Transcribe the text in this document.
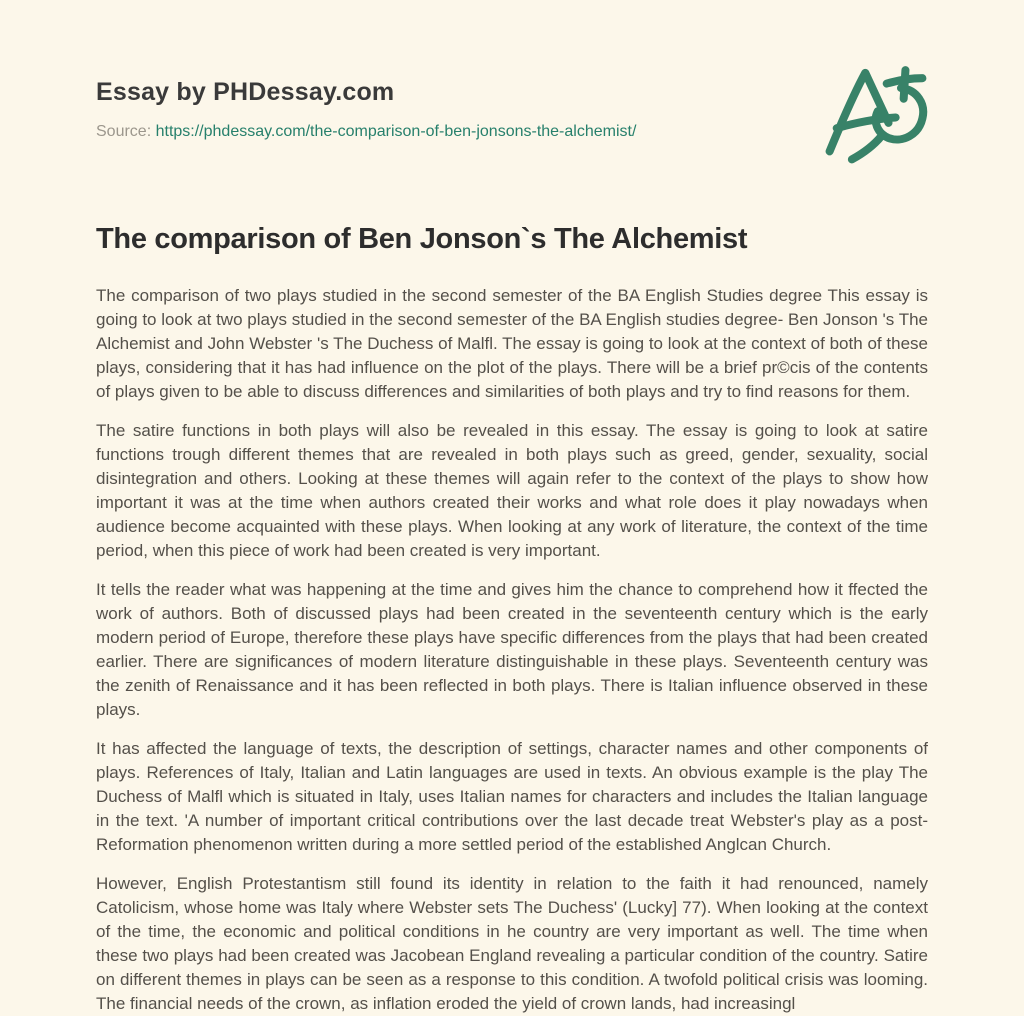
Essay by PHDessay.com
Source: https://phdessay.com/the-comparison-of-ben-jonsons-the-alchemist/
The comparison of Ben Jonson`s The Alchemist

The comparison of two plays studied in the second semester of the BA English Studies degree This essay is going to look at two plays studied in the second semester of the BA English studies degree- Ben Jonson 's The Alchemist and John Webster 's The Duchess of Malfl. The essay is going to look at the context of both of these plays, considering that it has had influence on the plot of the plays. There will be a brief pr©cis of the contents of plays given to be able to discuss differences and similarities of both plays and try to find reasons for them.

The satire functions in both plays will also be revealed in this essay. The essay is going to look at satire functions trough different themes that are revealed in both plays such as greed, gender, sexuality, social disintegration and others. Looking at these themes will again refer to the context of the plays to show how important it was at the time when authors created their works and what role does it play nowadays when audience become acquainted with these plays. When looking at any work of literature, the context of the time period, when this piece of work had been created is very important.

It tells the reader what was happening at the time and gives him the chance to comprehend how it ffected the work of authors. Both of discussed plays had been created in the seventeenth century which is the early modern period of Europe, therefore these plays have specific differences from the plays that had been created earlier. There are significances of modern literature distinguishable in these plays. Seventeenth century was the zenith of Renaissance and it has been reflected in both plays. There is Italian influence observed in these plays.

It has affected the language of texts, the description of settings, character names and other components of plays. References of Italy, Italian and Latin languages are used in texts. An obvious example is the play The Duchess of Malfl which is situated in Italy, uses Italian names for characters and includes the Italian language in the text. 'A number of important critical contributions over the last decade treat Webster's play as a post-Reformation phenomenon written during a more settled period of the established Anglcan Church.

However, English Protestantism still found its identity in relation to the faith it had renounced, namely Catolicism, whose home was Italy where Webster sets The Duchess' (Lucky] 77). When looking at the context of the time, the economic and political conditions in he country are very important as well. The time when these two plays had been created was Jacobean England revealing a particular condition of the country. Satire on different themes in plays can be seen as a response to this condition. A twofold political crisis was looming. The financial needs of the crown, as inflation eroded the yield of crown lands, had increasingl
